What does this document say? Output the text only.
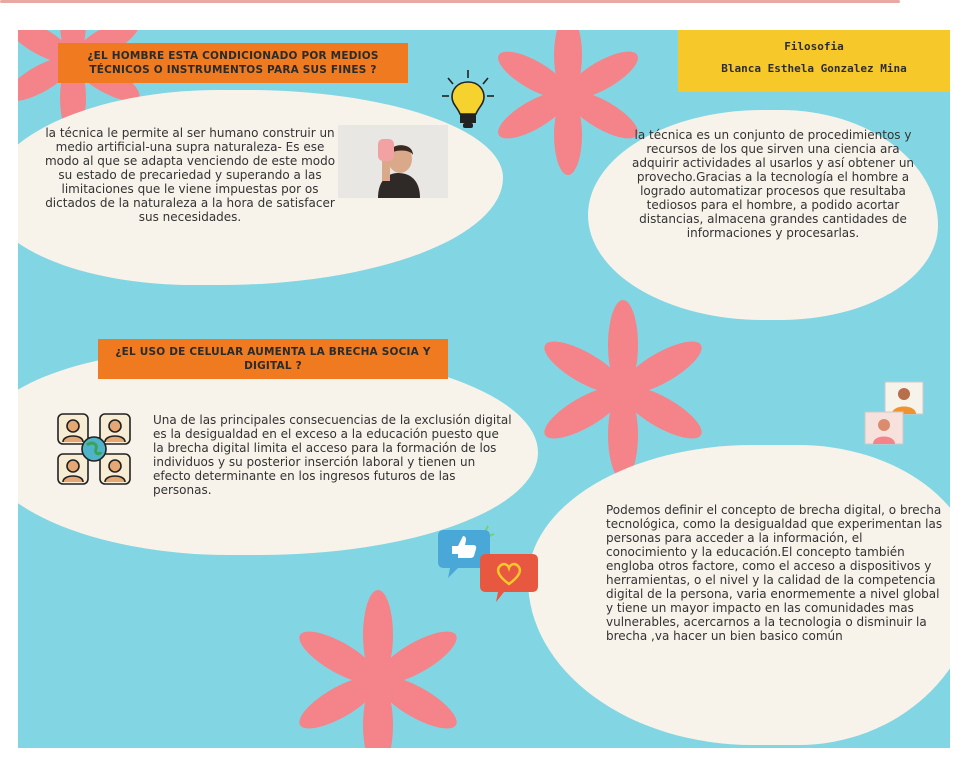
Filosofia
Blanca Esthela Gonzalez Mina
¿EL HOMBRE ESTA CONDICIONADO POR MEDIOS TÉCNICOS O INSTRUMENTOS PARA SUS FINES ?
la técnica le permite al ser humano construir un medio artificial-una supra naturaleza- Es ese modo al que se adapta venciendo de este modo su estado de precariedad y superando a las limitaciones que le viene impuestas por os dictados de la naturaleza a la hora de satisfacer sus necesidades.
la técnica es un conjunto de procedimientos y recursos de los que sirven una ciencia ara adquirir actividades al usarlos y así obtener un provecho.Gracias a la tecnología el hombre a logrado automatizar procesos que resultaba tediosos para el hombre, a podido acortar distancias, almacena grandes cantidades de informaciones y procesarlas.
¿EL USO DE CELULAR AUMENTA LA BRECHA SOCIA Y DIGITAL ?
Una de las principales consecuencias de la exclusión digital es la desigualdad en el exceso a la educación puesto que la brecha digital limita el acceso para la formación de los individuos y su posterior inserción laboral y tienen un efecto determinante en los ingresos futuros de las personas.
Podemos definir el concepto de brecha digital, o brecha tecnológica, como la desigualdad que experimentan las personas para acceder a la información, el conocimiento y la educación.El concepto también engloba otros factore, como el acceso a dispositivos y herramientas, o el nivel y la calidad de la competencia digital de la persona, varia enormemente a nivel global y tiene un mayor impacto en las comunidades mas vulnerables, acercarnos a la tecnologia o disminuir la brecha ,va hacer un bien basico común
